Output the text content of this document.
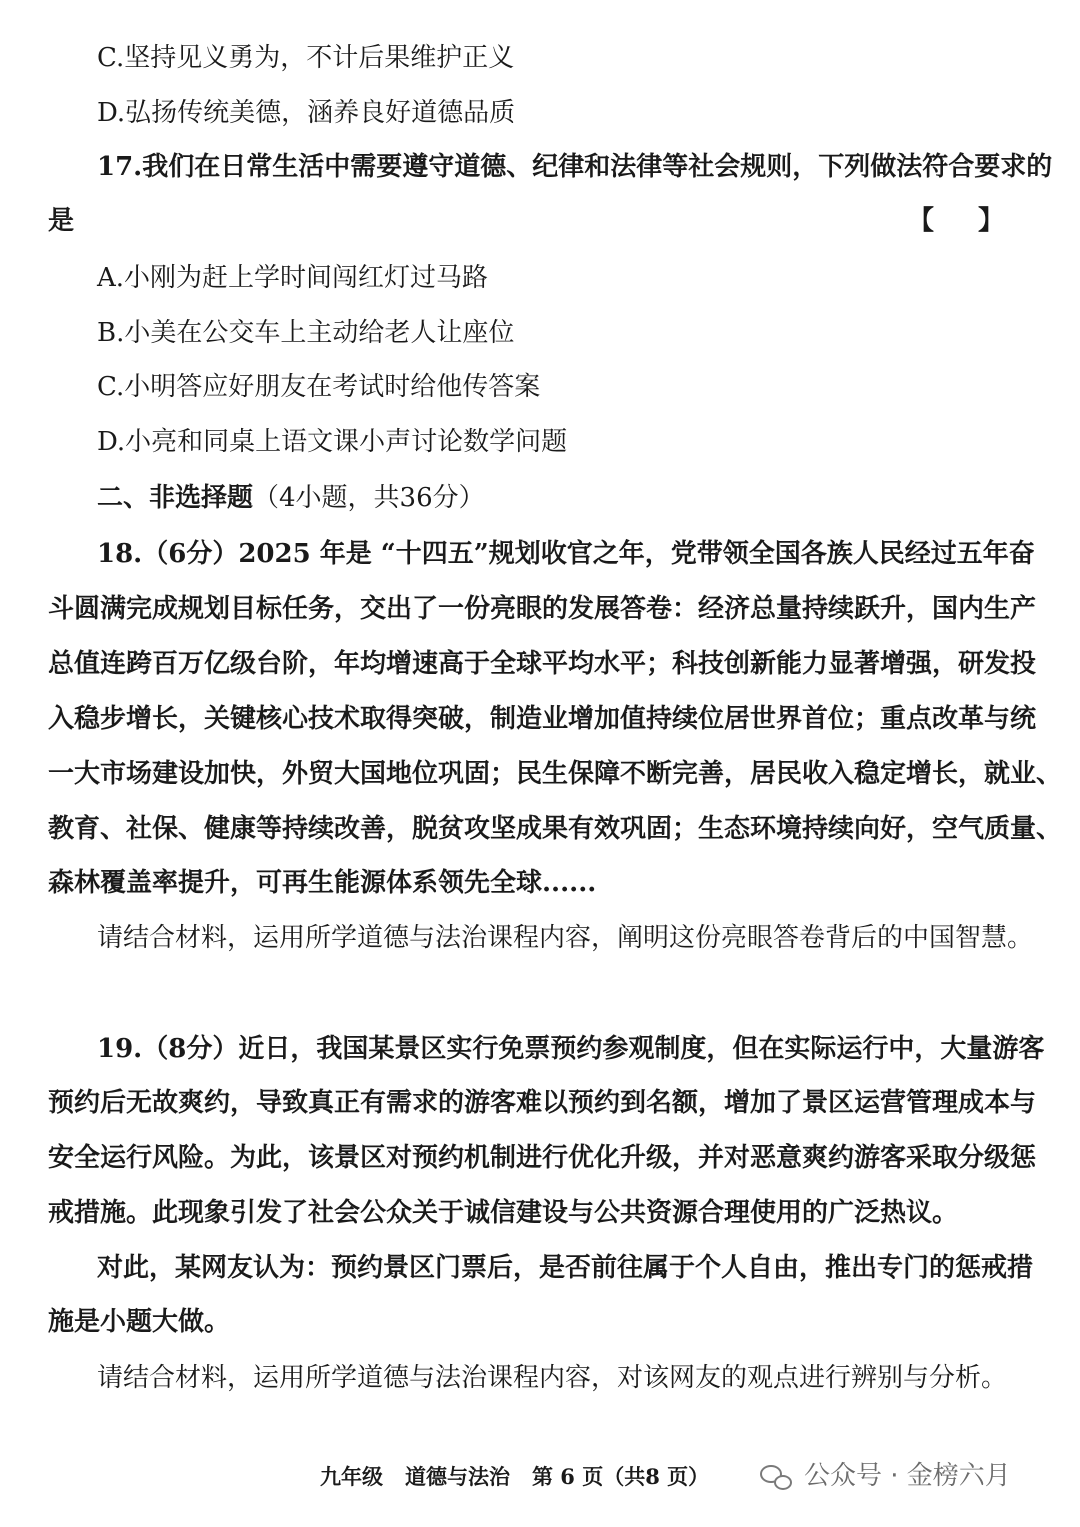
C.坚持见义勇为，不计后果维护正义
D.弘扬传统美德，涵养良好道德品质
17.我们在日常生活中需要遵守道德、纪律和法律等社会规则，下列做法符合要求的
是	【 】
A.小刚为赶上学时间闯红灯过马路
B.小美在公交车上主动给老人让座位
C.小明答应好朋友在考试时给他传答案
D.小亮和同桌上语文课小声讨论数学问题
二、非选择题（4小题，共36分）
18.（6分）2025 年是 “十四五”规划收官之年，党带领全国各族人民经过五年奋
斗圆满完成规划目标任务，交出了一份亮眼的发展答卷：经济总量持续跃升，国内生产
总值连跨百万亿级台阶，年均增速高于全球平均水平；科技创新能力显著增强，研发投
入稳步增长，关键核心技术取得突破，制造业增加值持续位居世界首位；重点改革与统
一大市场建设加快，外贸大国地位巩固；民生保障不断完善，居民收入稳定增长，就业、
教育、社保、健康等持续改善，脱贫攻坚成果有效巩固；生态环境持续向好，空气质量、
森林覆盖率提升，可再生能源体系领先全球......
请结合材料，运用所学道德与法治课程内容，阐明这份亮眼答卷背后的中国智慧。
19.（8分）近日，我国某景区实行免票预约参观制度，但在实际运行中，大量游客
预约后无故爽约，导致真正有需求的游客难以预约到名额，增加了景区运营管理成本与
安全运行风险。为此，该景区对预约机制进行优化升级，并对恶意爽约游客采取分级惩
戒措施。此现象引发了社会公众关于诚信建设与公共资源合理使用的广泛热议。
对此，某网友认为：预约景区门票后，是否前往属于个人自由，推出专门的惩戒措
施是小题大做。
请结合材料，运用所学道德与法治课程内容，对该网友的观点进行辨别与分析。
九年级 道德与法治 第 6 页（共8 页）	公众号 · 金榜六月
